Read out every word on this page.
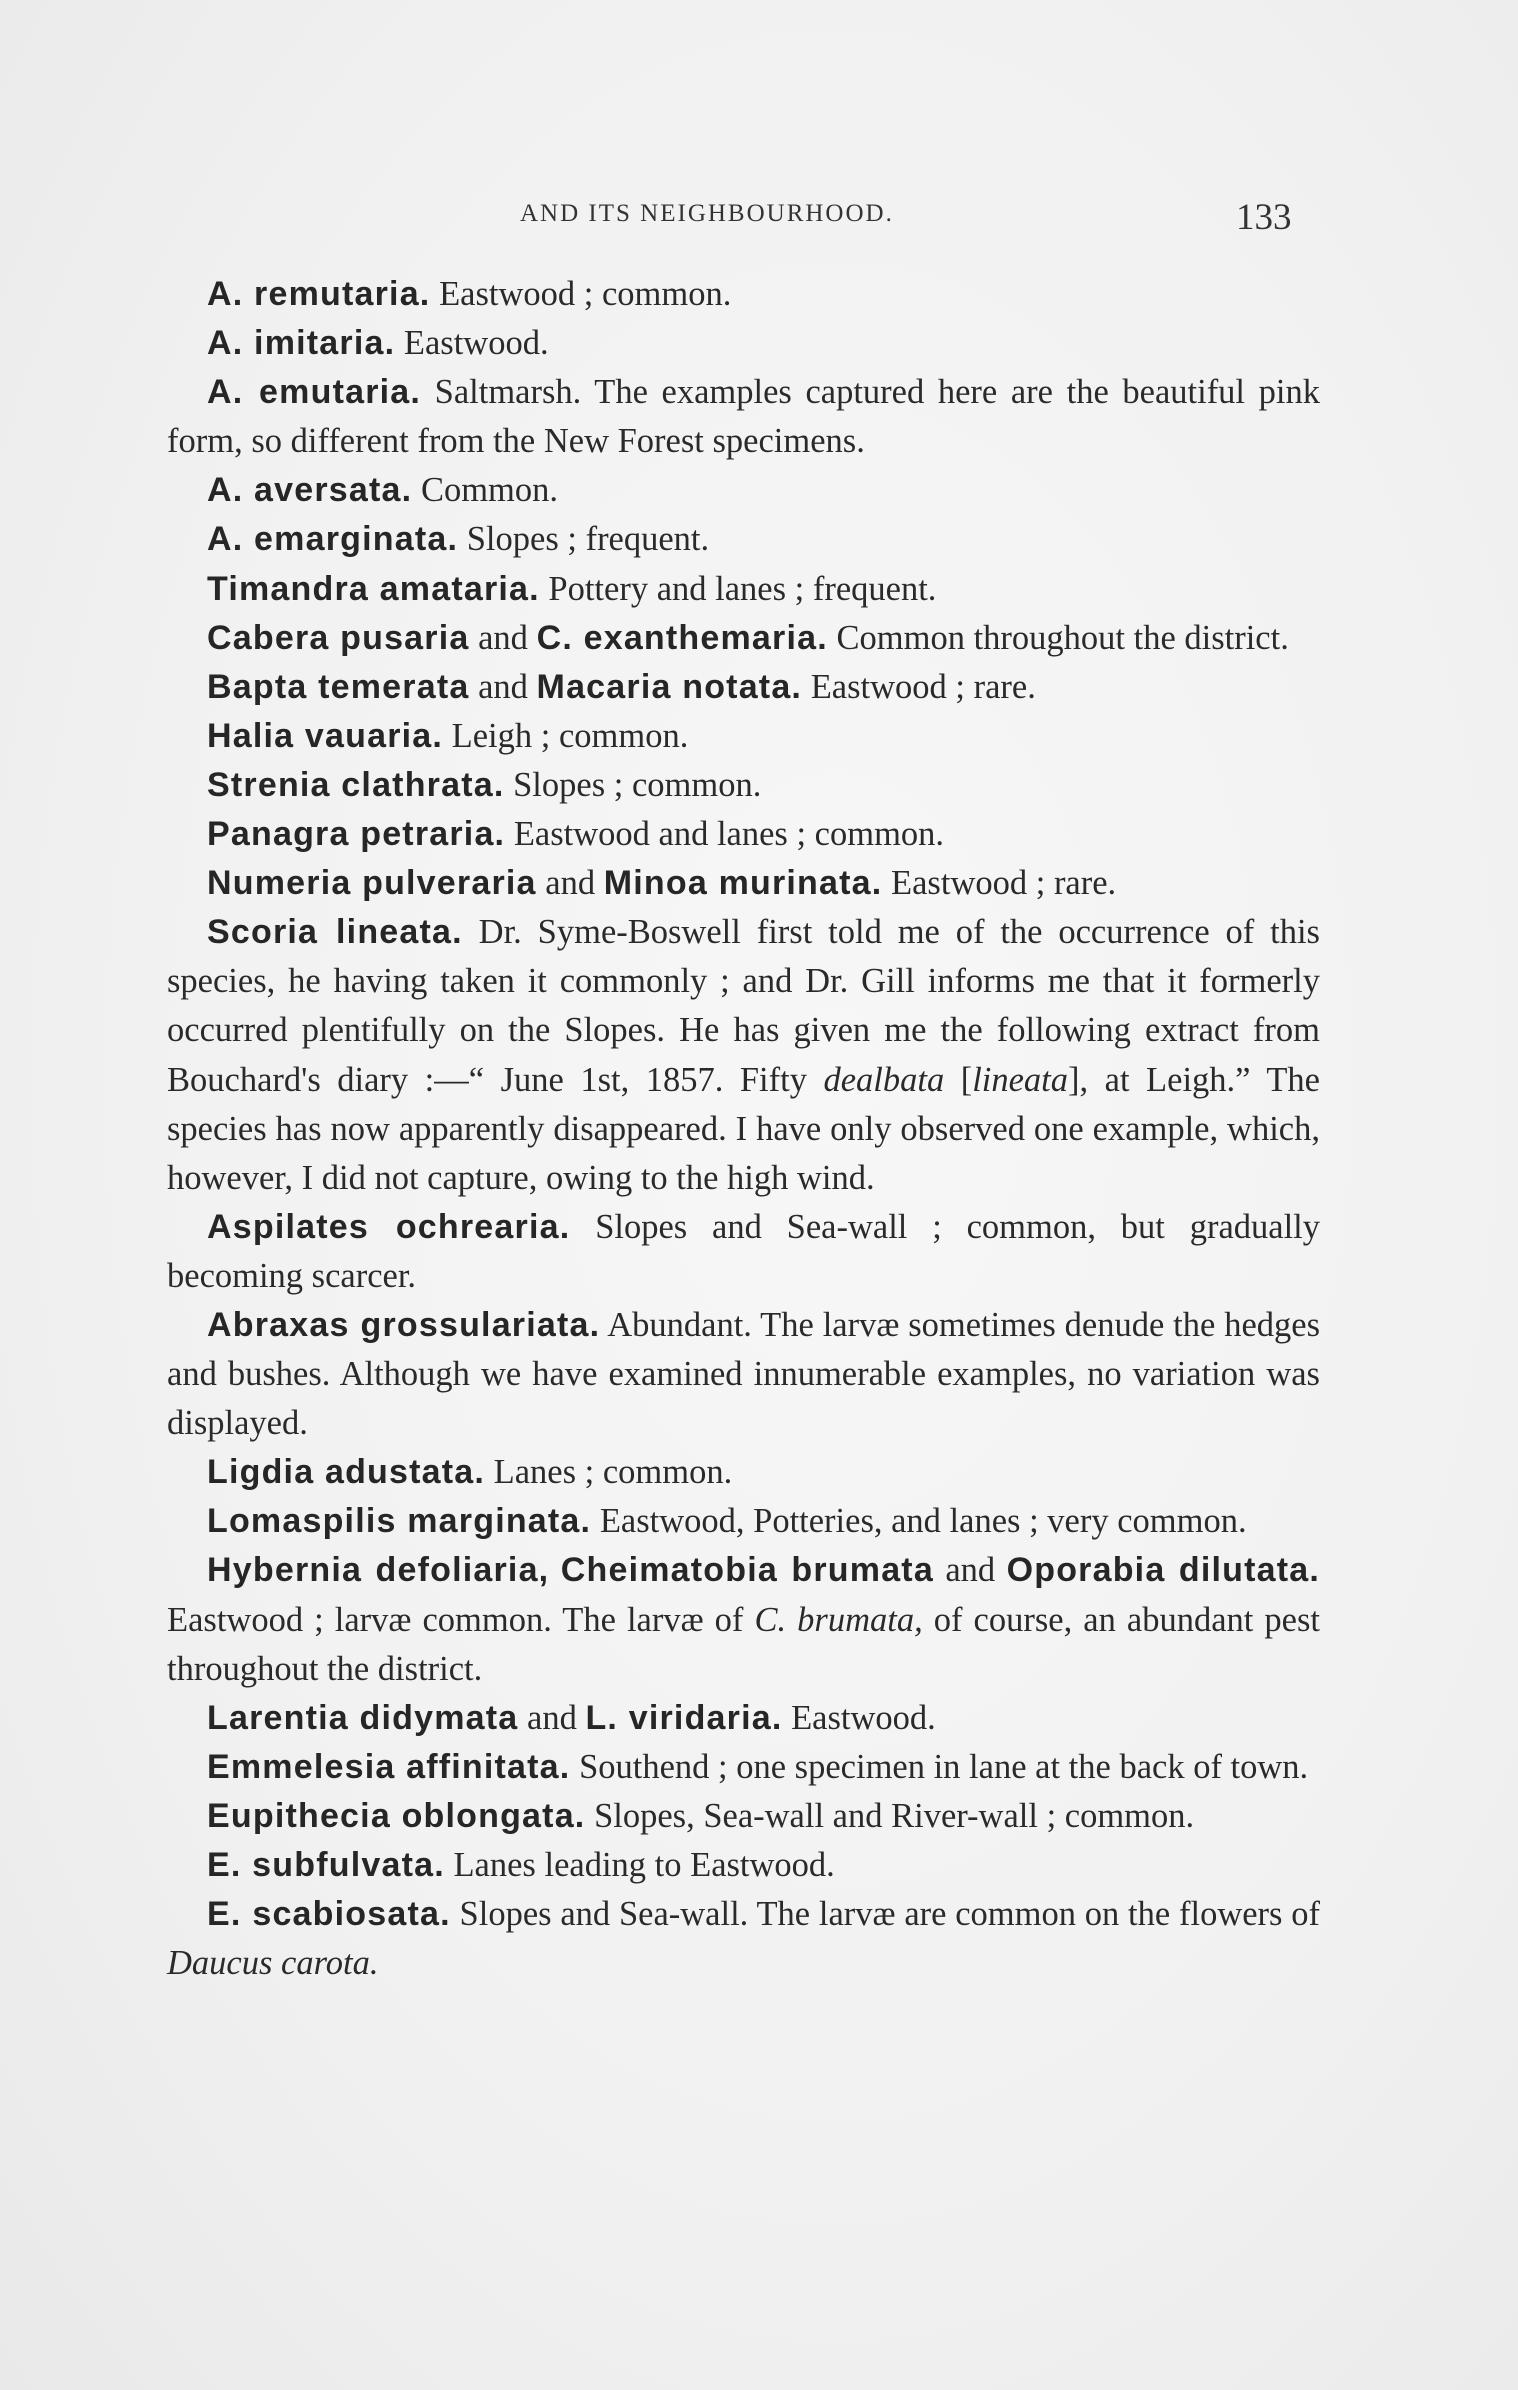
AND ITS NEIGHBOURHOOD.	133

A. remutaria. Eastwood ; common.

A. imitaria. Eastwood.

A. emutaria. Saltmarsh. The examples captured here are the beautiful pink form, so different from the New Forest specimens.

A. aversata. Common.

A. emarginata. Slopes ; frequent.

Timandra amataria. Pottery and lanes ; frequent.

Cabera pusaria and C. exanthemaria. Common throughout the district.

Bapta temerata and Macaria notata. Eastwood ; rare.

Halia vauaria. Leigh ; common.

Strenia clathrata. Slopes ; common.

Panagra petraria. Eastwood and lanes ; common.

Numeria pulveraria and Minoa murinata. Eastwood ; rare.

Scoria lineata. Dr. Syme-Boswell first told me of the occurrence of this species, he having taken it commonly ; and Dr. Gill informs me that it formerly occurred plentifully on the Slopes. He has given me the following extract from Bouchard's diary :—“ June 1st, 1857. Fifty dealbata [lineata], at Leigh.” The species has now apparently disappeared. I have only observed one example, which, however, I did not capture, owing to the high wind.

Aspilates ochrearia. Slopes and Sea-wall ; common, but gradually becoming scarcer.

Abraxas grossulariata. Abundant. The larvæ sometimes denude the hedges and bushes. Although we have examined innumerable examples, no variation was displayed.

Ligdia adustata. Lanes ; common.

Lomaspilis marginata. Eastwood, Potteries, and lanes ; very common.

Hybernia defoliaria, Cheimatobia brumata and Oporabia dilutata. Eastwood ; larvæ common. The larvæ of C. brumata, of course, an abundant pest throughout the district.

Larentia didymata and L. viridaria. Eastwood.

Emmelesia affinitata. Southend ; one specimen in lane at the back of town.

Eupithecia oblongata. Slopes, Sea-wall and River-wall ; common.

E. subfulvata. Lanes leading to Eastwood.

E. scabiosata. Slopes and Sea-wall. The larvæ are common on the flowers of Daucus carota.
